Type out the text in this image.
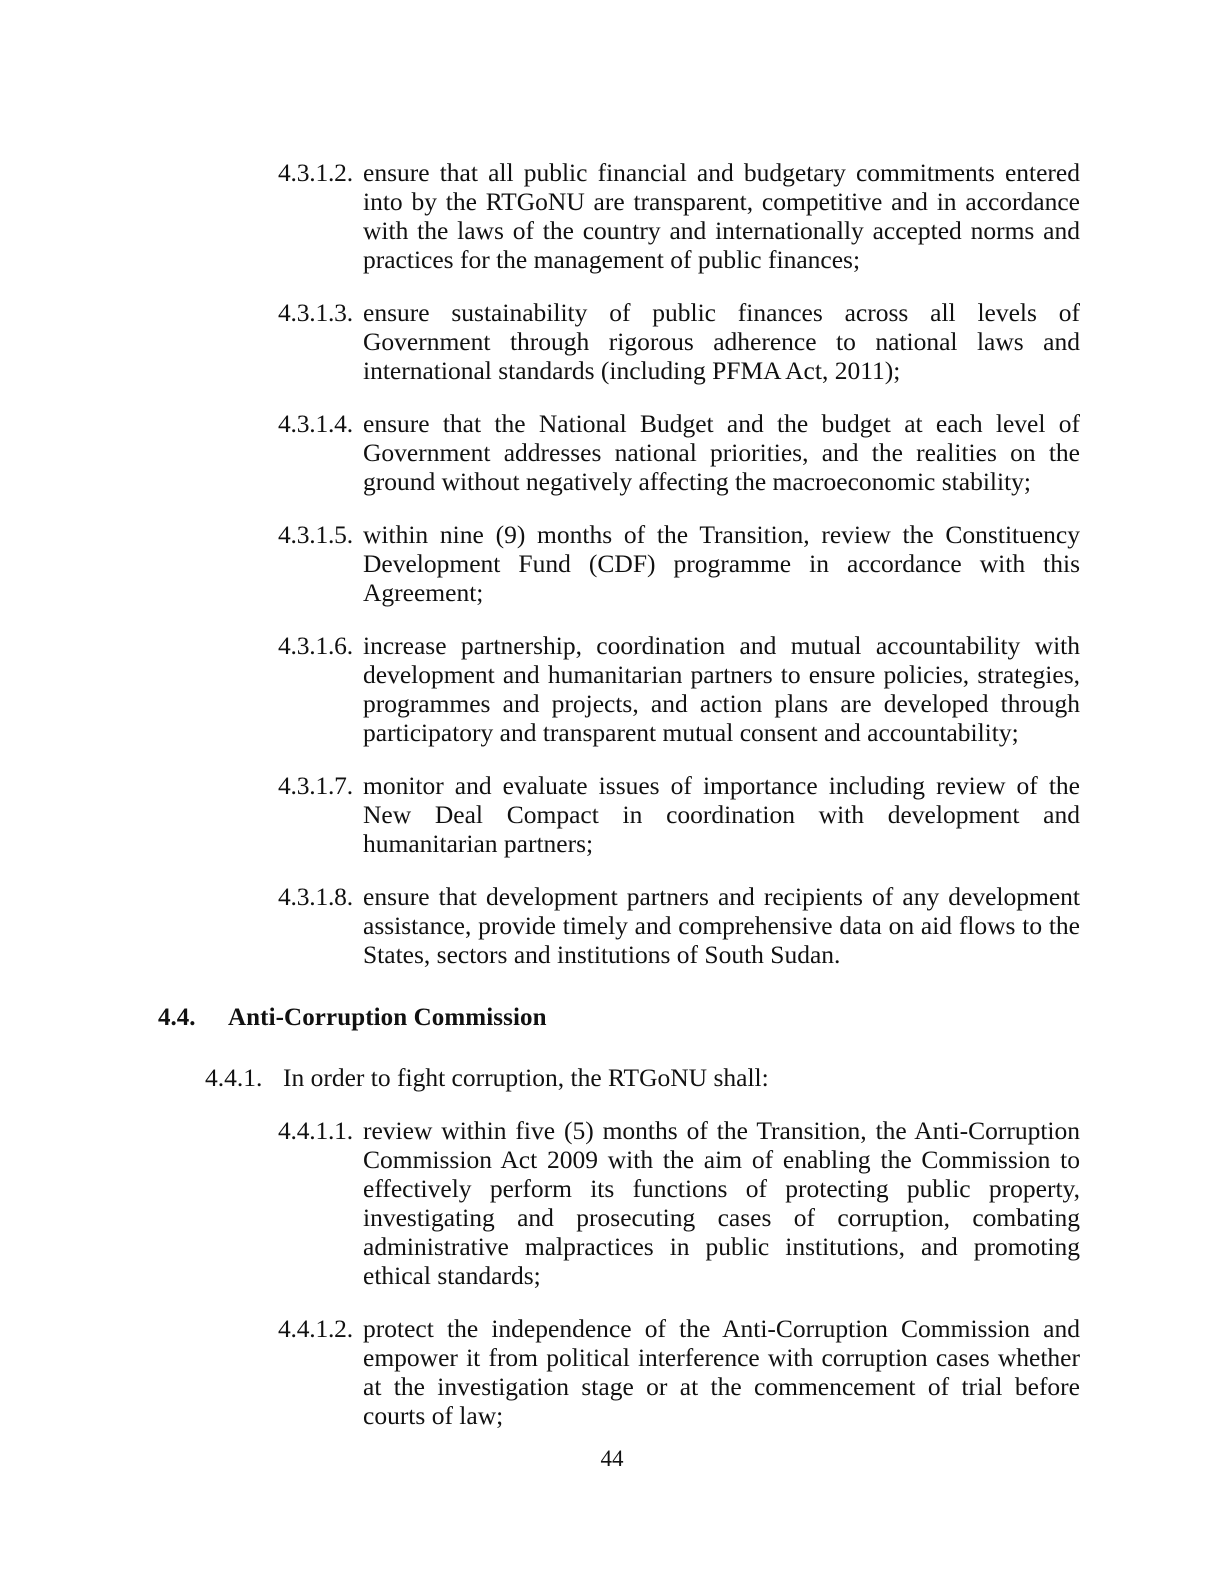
4.3.1.2. ensure that all public financial and budgetary commitments entered into by the RTGoNU are transparent, competitive and in accordance with the laws of the country and internationally accepted norms and practices for the management of public finances;
4.3.1.3. ensure sustainability of public finances across all levels of Government through rigorous adherence to national laws and international standards (including PFMA Act, 2011);
4.3.1.4. ensure that the National Budget and the budget at each level of Government addresses national priorities, and the realities on the ground without negatively affecting the macroeconomic stability;
4.3.1.5. within nine (9) months of the Transition, review the Constituency Development Fund (CDF) programme in accordance with this Agreement;
4.3.1.6. increase partnership, coordination and mutual accountability with development and humanitarian partners to ensure policies, strategies, programmes and projects, and action plans are developed through participatory and transparent mutual consent and accountability;
4.3.1.7. monitor and evaluate issues of importance including review of the New Deal Compact in coordination with development and humanitarian partners;
4.3.1.8. ensure that development partners and recipients of any development assistance, provide timely and comprehensive data on aid flows to the States, sectors and institutions of South Sudan.
4.4.	Anti-Corruption Commission
4.4.1. In order to fight corruption, the RTGoNU shall:
4.4.1.1. review within five (5) months of the Transition, the Anti-Corruption Commission Act 2009 with the aim of enabling the Commission to effectively perform its functions of protecting public property, investigating and prosecuting cases of corruption, combating administrative malpractices in public institutions, and promoting ethical standards;
4.4.1.2. protect the independence of the Anti-Corruption Commission and empower it from political interference with corruption cases whether at the investigation stage or at the commencement of trial before courts of law;
44
